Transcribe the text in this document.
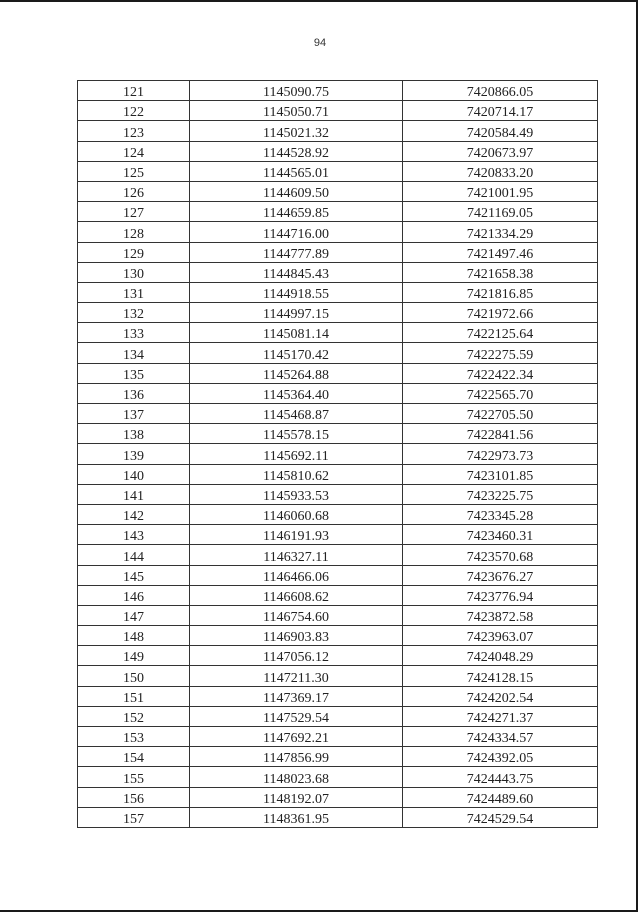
94
121	1145090.75	7420866.05
122	1145050.71	7420714.17
123	1145021.32	7420584.49
124	1144528.92	7420673.97
125	1144565.01	7420833.20
126	1144609.50	7421001.95
127	1144659.85	7421169.05
128	1144716.00	7421334.29
129	1144777.89	7421497.46
130	1144845.43	7421658.38
131	1144918.55	7421816.85
132	1144997.15	7421972.66
133	1145081.14	7422125.64
134	1145170.42	7422275.59
135	1145264.88	7422422.34
136	1145364.40	7422565.70
137	1145468.87	7422705.50
138	1145578.15	7422841.56
139	1145692.11	7422973.73
140	1145810.62	7423101.85
141	1145933.53	7423225.75
142	1146060.68	7423345.28
143	1146191.93	7423460.31
144	1146327.11	7423570.68
145	1146466.06	7423676.27
146	1146608.62	7423776.94
147	1146754.60	7423872.58
148	1146903.83	7423963.07
149	1147056.12	7424048.29
150	1147211.30	7424128.15
151	1147369.17	7424202.54
152	1147529.54	7424271.37
153	1147692.21	7424334.57
154	1147856.99	7424392.05
155	1148023.68	7424443.75
156	1148192.07	7424489.60
157	1148361.95	7424529.54
